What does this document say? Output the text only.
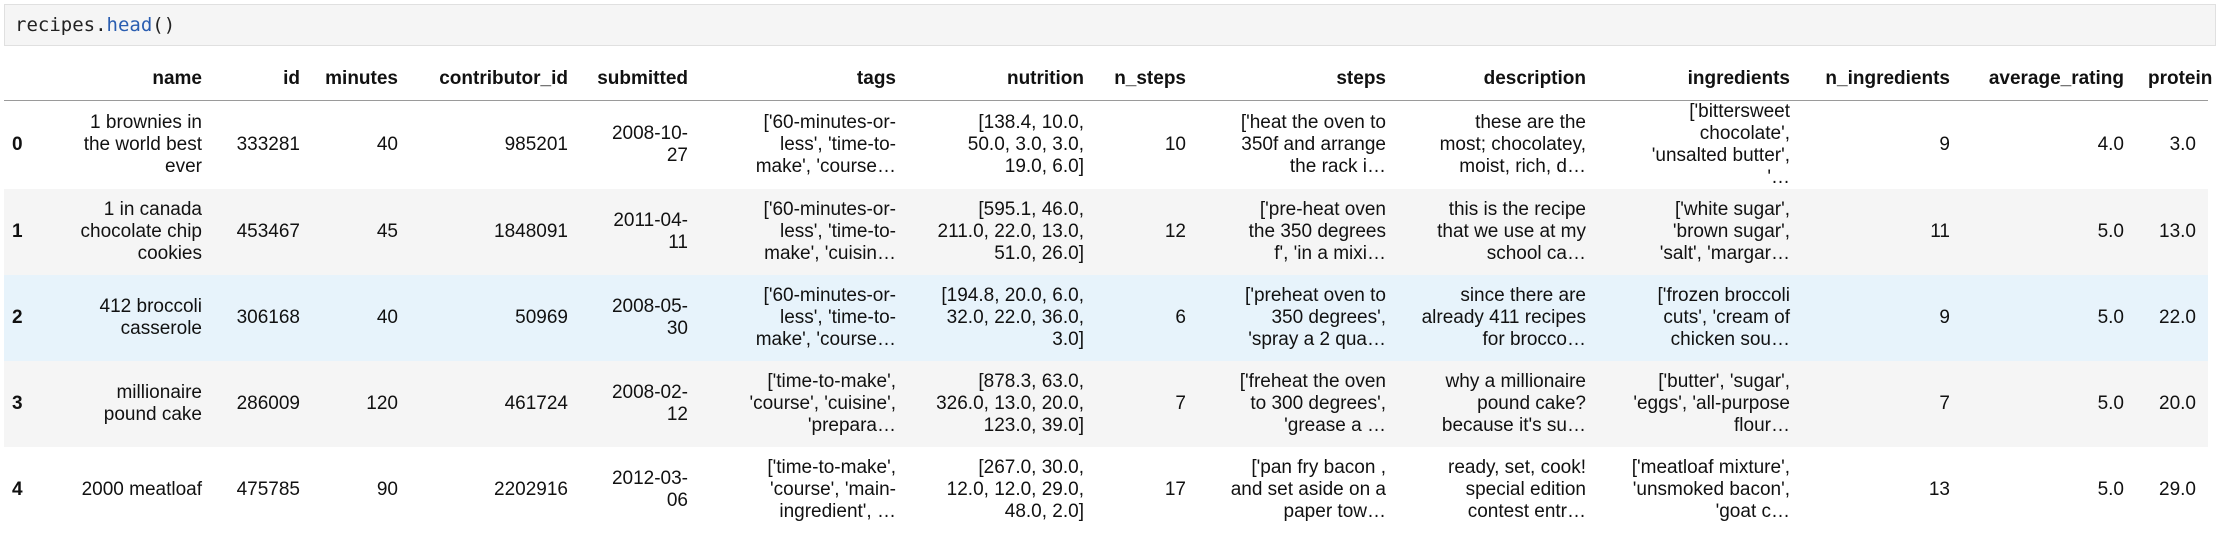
recipes.head()
	name	id	minutes	contributor_id	submitted	tags	nutrition	n_steps	steps	description	ingredients	n_ingredients	average_rating	protein
0	1 brownies in
the world best
ever	333281	40	985201	2008-10-
27	['60-minutes-or-
less', 'time-to-
make', 'course…	[138.4, 10.0,
50.0, 3.0, 3.0,
19.0, 6.0]	10	['heat the oven to
350f and arrange
the rack i…	these are the
most; chocolatey,
moist, rich, d…	['bittersweet
chocolate',
'unsalted butter',
'…	9	4.0	3.0

1	1 in canada
chocolate chip
cookies	453467	45	1848091	2011-04-
11	['60-minutes-or-
less', 'time-to-
make', 'cuisin…	[595.1, 46.0,
211.0, 22.0, 13.0,
51.0, 26.0]	12	['pre-heat oven
the 350 degrees
f', 'in a mixi…	this is the recipe
that we use at my
school ca…	['white sugar',
'brown sugar',
'salt', 'margar…	11	5.0	13.0

2	412 broccoli
casserole	306168	40	50969	2008-05-
30	['60-minutes-or-
less', 'time-to-
make', 'course…	[194.8, 20.0, 6.0,
32.0, 22.0, 36.0,
3.0]	6	['preheat oven to
350 degrees',
'spray a 2 qua…	since there are
already 411 recipes
for brocco…	['frozen broccoli
cuts', 'cream of
chicken sou…	9	5.0	22.0

3	millionaire
pound cake	286009	120	461724	2008-02-
12	['time-to-make',
'course', 'cuisine',
'prepara…	[878.3, 63.0,
326.0, 13.0, 20.0,
123.0, 39.0]	7	['freheat the oven
to 300 degrees',
'grease a …	why a millionaire
pound cake?
because it's su…	['butter', 'sugar',
'eggs', 'all-purpose
flour…	7	5.0	20.0

4	2000 meatloaf	475785	90	2202916	2012-03-
06	['time-to-make',
'course', 'main-
ingredient', …	[267.0, 30.0,
12.0, 12.0, 29.0,
48.0, 2.0]	17	['pan fry bacon ,
and set aside on a
paper tow…	ready, set, cook!
special edition
contest entr…	['meatloaf mixture',
'unsmoked bacon',
'goat c…	13	5.0	29.0
